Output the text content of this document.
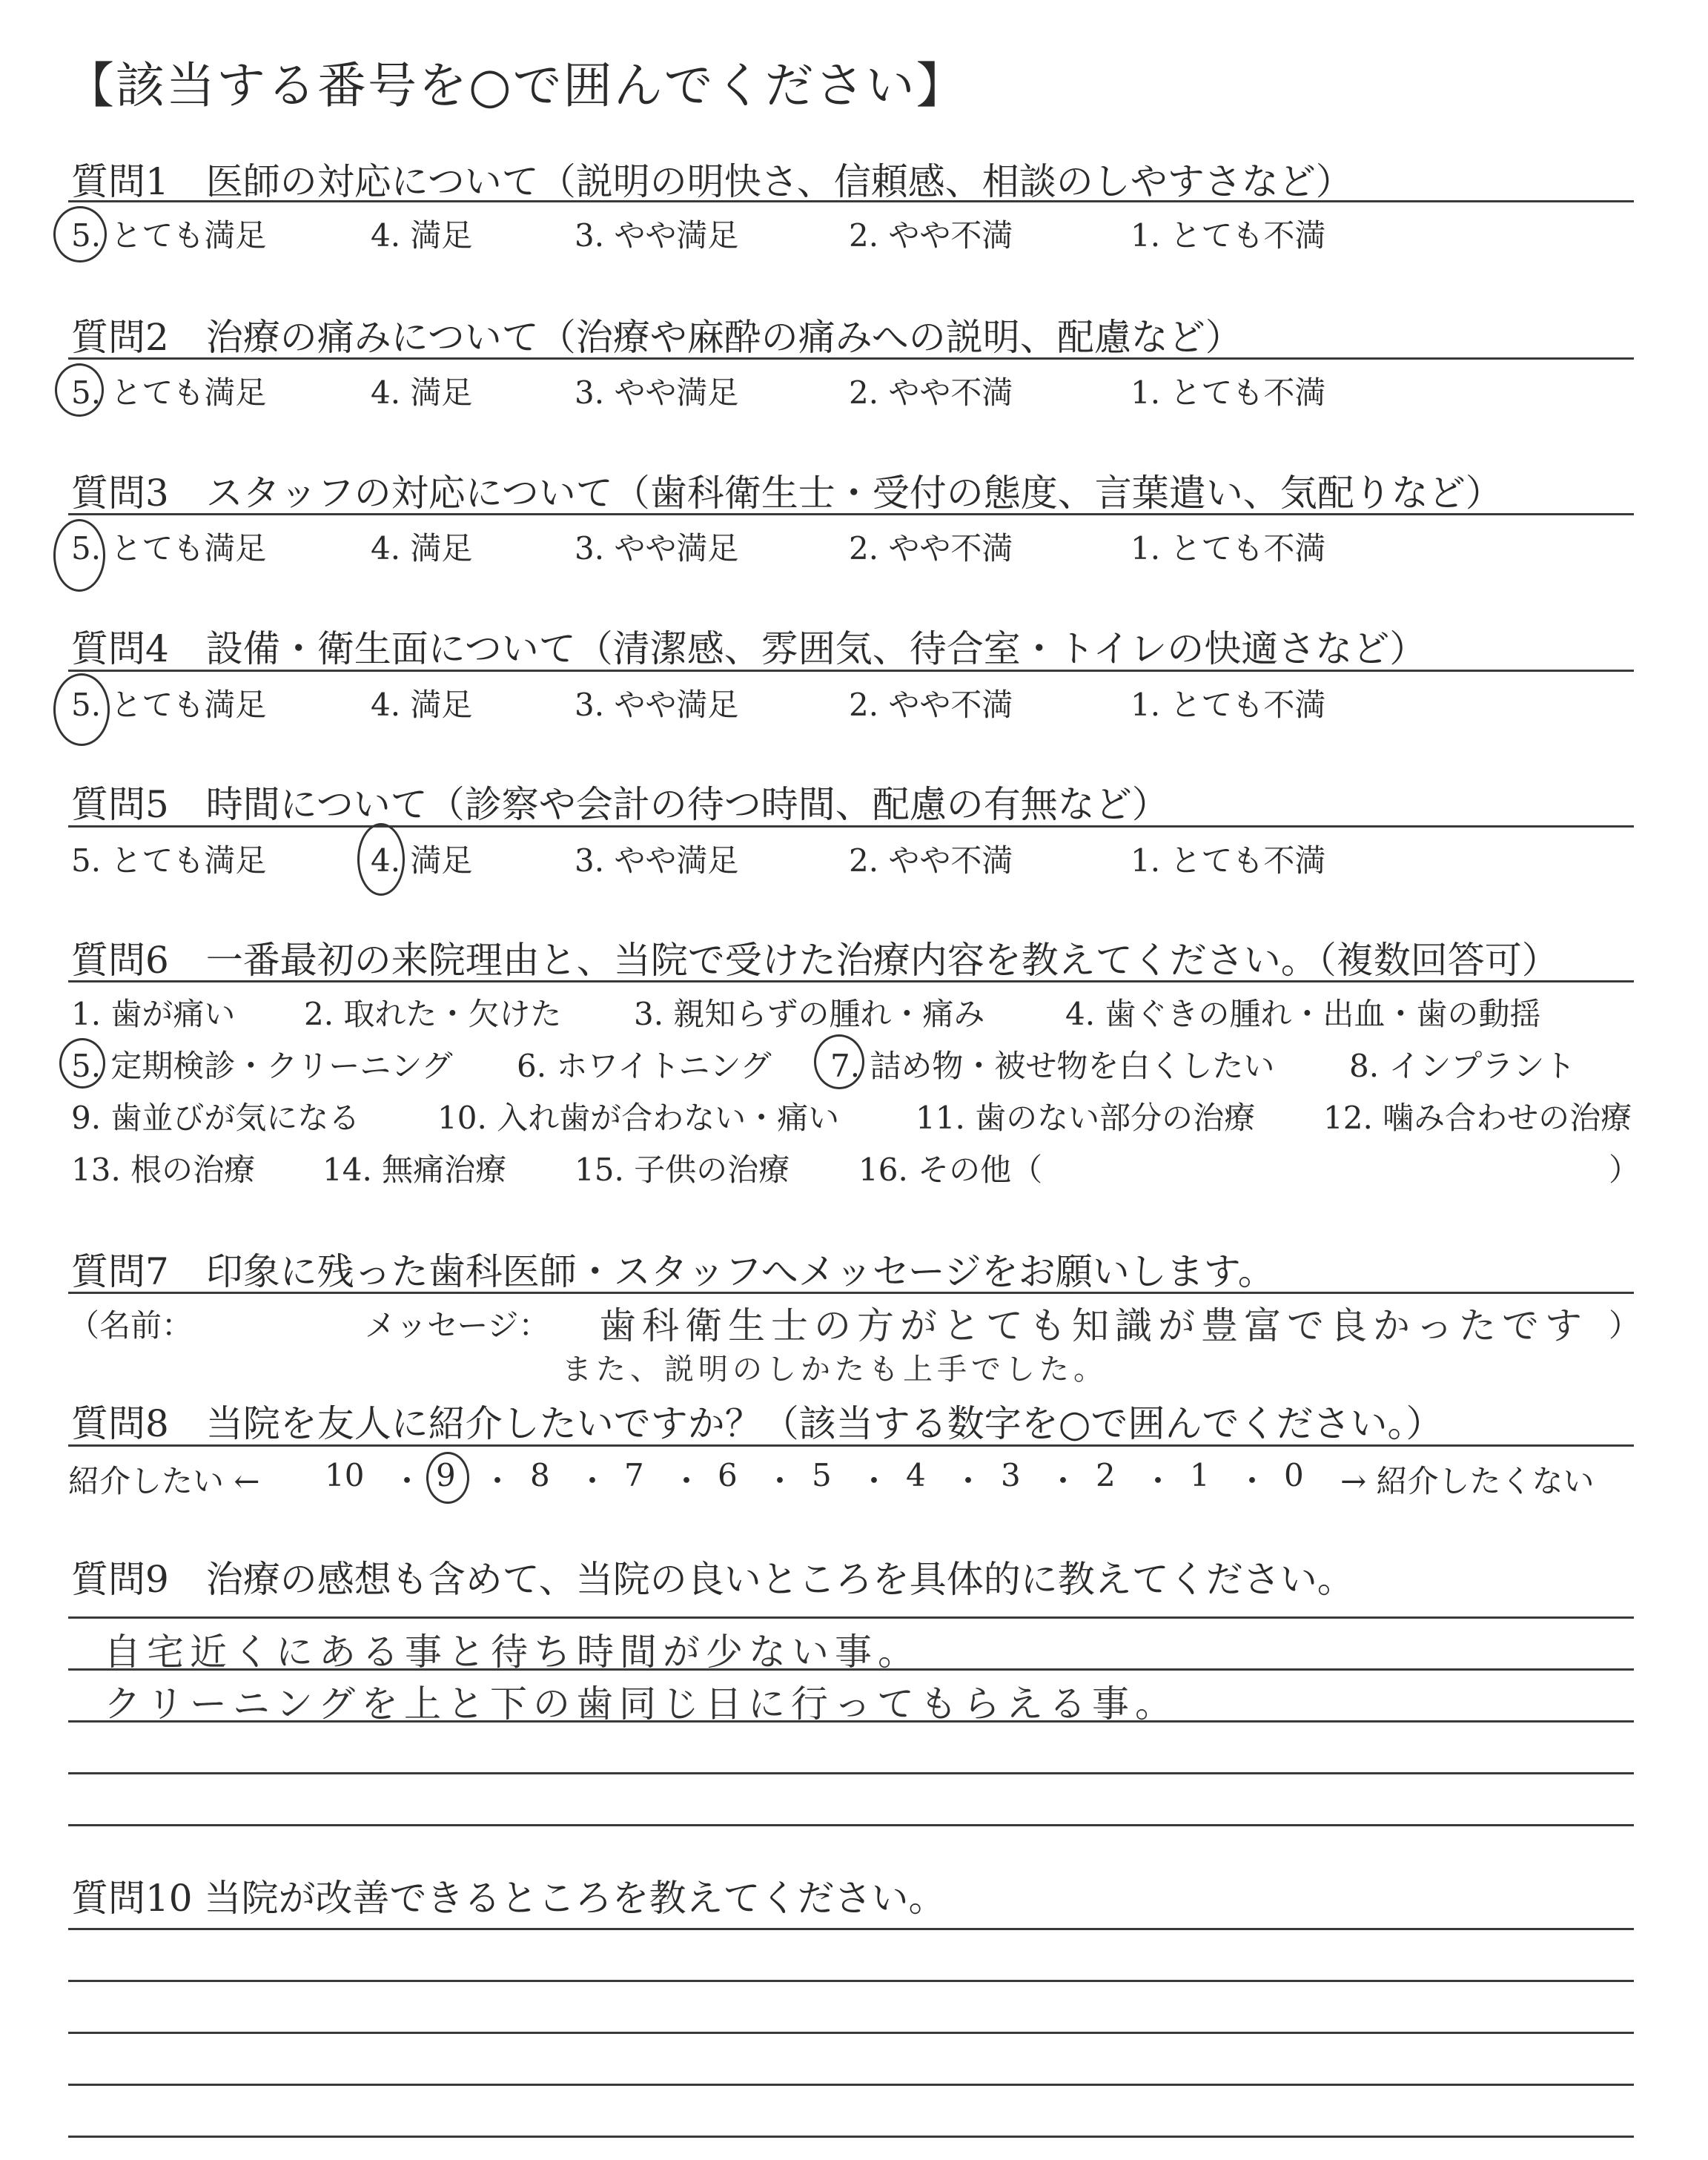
【該当する番号を○で囲んでください】
質問1　医師の対応について（説明の明快さ、信頼感、相談のしやすさなど）
5. とても満足	4. 満足	3. やや満足	2. やや不満	1. とても不満
質問2　治療の痛みについて（治療や麻酔の痛みへの説明、配慮など）
5. とても満足	4. 満足	3. やや満足	2. やや不満	1. とても不満
質問3　スタッフの対応について（歯科衛生士・受付の態度、言葉遣い、気配りなど）
5. とても満足	4. 満足	3. やや満足	2. やや不満	1. とても不満
質問4　設備・衛生面について（清潔感、雰囲気、待合室・トイレの快適さなど）
5. とても満足	4. 満足	3. やや満足	2. やや不満	1. とても不満
質問5　時間について（診察や会計の待つ時間、配慮の有無など）
5. とても満足	4. 満足	3. やや満足	2. やや不満	1. とても不満
質問6　一番最初の来院理由と、当院で受けた治療内容を教えてください。（複数回答可）
1. 歯が痛い 2. 取れた・欠けた 3. 親知らずの腫れ・痛み	4. 歯ぐきの腫れ・出血・歯の動揺
5. 定期検診・クリーニング 6. ホワイトニング 7. 詰め物・被せ物を白くしたい 8. インプラント
9. 歯並びが気になる 10. 入れ歯が合わない・痛い 11. 歯のない部分の治療 12. 噛み合わせの治療
13. 根の治療 14. 無痛治療 15. 子供の治療 16. その他（	）
質問7　印象に残った歯科医師・スタッフへメッセージをお願いします。
（名前：	メッセージ：	）
歯科衛生士の方がとても知識が豊富で良かったです
また、説明のしかたも上手でした。
質問8　当院を友人に紹介したいですか？（該当する数字を○で囲んでください。）
紹介したい ←	→ 紹介したくない
10 ・ 9 ・ 8 ・ 7 ・ 6 ・ 5 ・ 4 ・ 3 ・ 2 ・ 1 ・ 0
質問9　治療の感想も含めて、当院の良いところを具体的に教えてください。
自宅近くにある事と待ち時間が少ない事。
クリーニングを上と下の歯同じ日に行ってもらえる事。
質問10 当院が改善できるところを教えてください。
